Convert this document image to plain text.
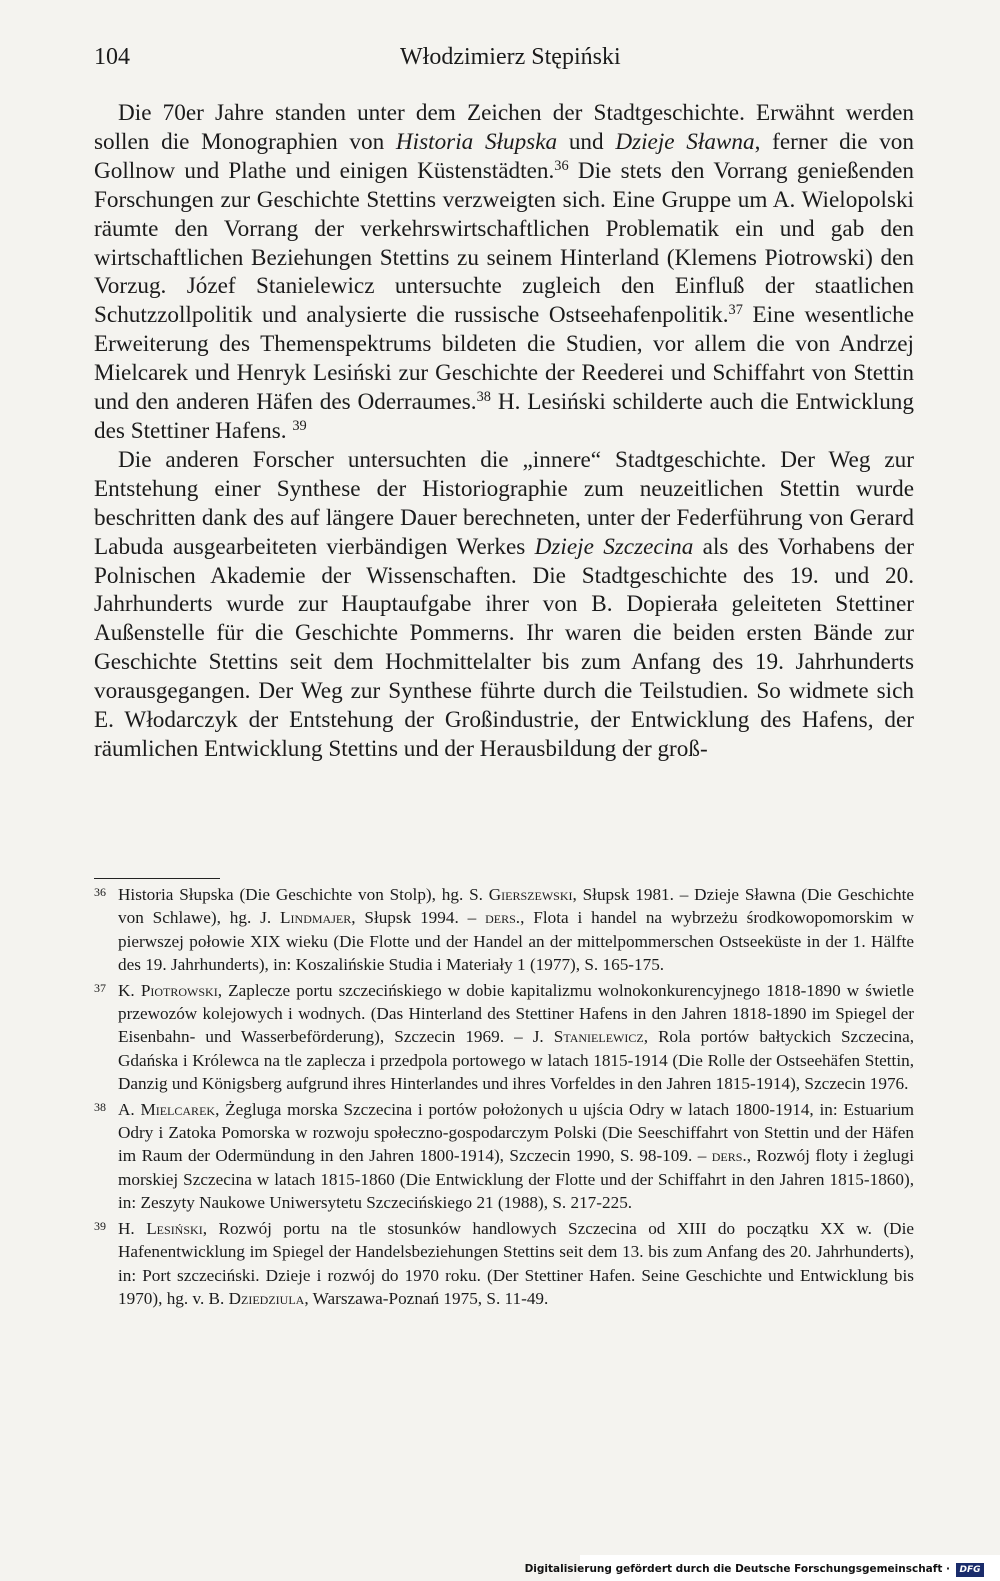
104	Włodzimierz Stępiński

Die 70er Jahre standen unter dem Zeichen der Stadtgeschichte. Erwähnt werden sollen die Monographien von Historia Słupska und Dzieje Sławna, ferner die von Gollnow und Plathe und einigen Küstenstädten.$^{36}$ Die stets den Vorrang genießenden Forschungen zur Geschichte Stettins verzweigten sich. Eine Gruppe um A. Wielopolski räumte den Vorrang der verkehrswirtschaftlichen Problematik ein und gab den wirtschaftlichen Beziehungen Stettins zu seinem Hinterland (Klemens Piotrowski) den Vorzug. Józef Stanielewicz untersuchte zugleich den Einfluß der staatlichen Schutzzollpolitik und analysierte die russische Ostseehafenpolitik.$^{37}$ Eine wesentliche Erweiterung des Themenspektrums bildeten die Studien, vor allem die von Andrzej Mielcarek und Henryk Lesiński zur Geschichte der Reederei und Schiffahrt von Stettin und den anderen Häfen des Oderraumes.$^{38}$ H. Lesiński schilderte auch die Entwicklung des Stettiner Hafens. $^{39}$

Die anderen Forscher untersuchten die „innere“ Stadtgeschichte. Der Weg zur Entstehung einer Synthese der Historiographie zum neuzeitlichen Stettin wurde beschritten dank des auf längere Dauer berechneten, unter der Federführung von Gerard Labuda ausgearbeiteten vierbändigen Werkes Dzieje Szczecina als des Vorhabens der Polnischen Akademie der Wissenschaften. Die Stadtgeschichte des 19. und 20. Jahrhunderts wurde zur Hauptaufgabe ihrer von B. Dopierała geleiteten Stettiner Außenstelle für die Geschichte Pommerns. Ihr waren die beiden ersten Bände zur Geschichte Stettins seit dem Hochmittelalter bis zum Anfang des 19. Jahrhunderts vorausgegangen. Der Weg zur Synthese führte durch die Teilstudien. So widmete sich E. Włodarczyk der Entstehung der Großindustrie, der Entwicklung des Hafens, der räumlichen Entwicklung Stettins und der Herausbildung der groß-

36 Historia Słupska (Die Geschichte von Stolp), hg. S. Gierszewski, Słupsk 1981. – Dzieje Sławna (Die Geschichte von Schlawe), hg. J. Lindmajer, Słupsk 1994. – ders., Flota i handel na wybrzeżu środkowopomorskim w pierwszej połowie XIX wieku (Die Flotte und der Handel an der mittelpommerschen Ostseeküste in der 1. Hälfte des 19. Jahrhunderts), in: Koszalińskie Studia i Materiały 1 (1977), S. 165-175.
37 K. Piotrowski, Zaplecze portu szczecińskiego w dobie kapitalizmu wolnokonkurencyjnego 1818-1890 w świetle przewozów kolejowych i wodnych. (Das Hinterland des Stettiner Hafens in den Jahren 1818-1890 im Spiegel der Eisenbahn- und Wasserbeförderung), Szczecin 1969. – J. Stanielewicz, Rola portów bałtyckich Szczecina, Gdańska i Królewca na tle zaplecza i przedpola portowego w latach 1815-1914 (Die Rolle der Ostseehäfen Stettin, Danzig und Königsberg aufgrund ihres Hinterlandes und ihres Vorfeldes in den Jahren 1815-1914), Szczecin 1976.
38 A. Mielcarek, Żegluga morska Szczecina i portów położonych u ujścia Odry w latach 1800-1914, in: Estuarium Odry i Zatoka Pomorska w rozwoju społeczno-gospodarczym Polski (Die Seeschiffahrt von Stettin und der Häfen im Raum der Odermündung in den Jahren 1800-1914), Szczecin 1990, S. 98-109. – ders., Rozwój floty i żeglugi morskiej Szczecina w latach 1815-1860 (Die Entwicklung der Flotte und der Schiffahrt in den Jahren 1815-1860), in: Zeszyty Naukowe Uniwersytetu Szczecińskiego 21 (1988), S. 217-225.
39 H. Lesiński, Rozwój portu na tle stosunków handlowych Szczecina od XIII do początku XX w. (Die Hafenentwicklung im Spiegel der Handelsbeziehungen Stettins seit dem 13. bis zum Anfang des 20. Jahrhunderts), in: Port szczeciński. Dzieje i rozwój do 1970 roku. (Der Stettiner Hafen. Seine Geschichte und Entwicklung bis 1970), hg. v. B. Dziedziula, Warszawa-Poznań 1975, S. 11-49.
Digitalisierung gefördert durch die Deutsche Forschungsgemeinschaft ·	DFG
